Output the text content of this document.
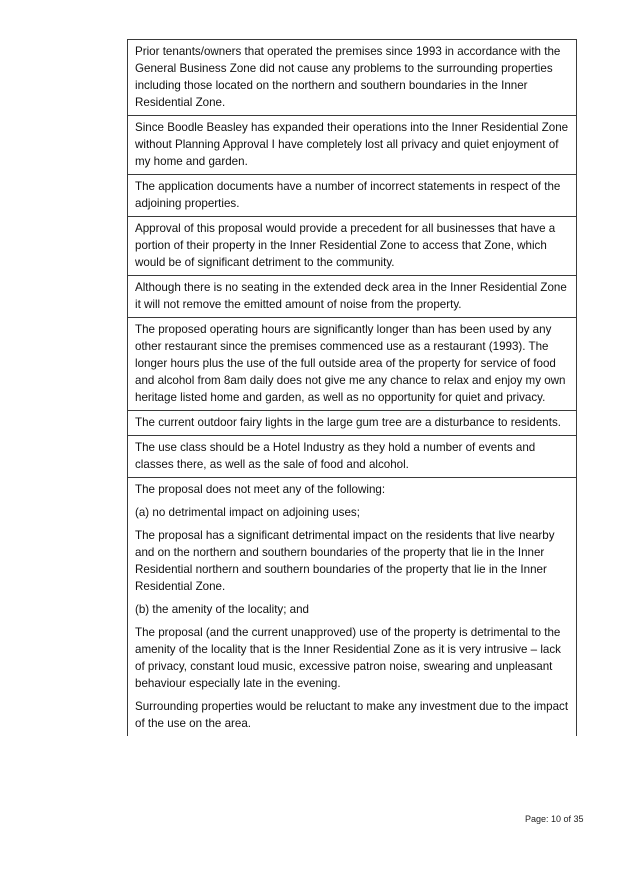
Prior tenants/owners that operated the premises since 1993 in accordance with the General Business Zone did not cause any problems to the surrounding properties including those located on the northern and southern boundaries in the Inner Residential Zone.
Since Boodle Beasley has expanded their operations into the Inner Residential Zone without Planning Approval I have completely lost all privacy and quiet enjoyment of my home and garden.
The application documents have a number of incorrect statements in respect of the adjoining properties.
Approval of this proposal would provide a precedent for all businesses that have a portion of their property in the Inner Residential Zone to access that Zone, which would be of significant detriment to the community.
Although there is no seating in the extended deck area in the Inner Residential Zone it will not remove the emitted amount of noise from the property.
The proposed operating hours are significantly longer than has been used by any other restaurant since the premises commenced use as a restaurant (1993). The longer hours plus the use of the full outside area of the property for service of food and alcohol from 8am daily does not give me any chance to relax and enjoy my own heritage listed home and garden, as well as no opportunity for quiet and privacy.
The current outdoor fairy lights in the large gum tree are a disturbance to residents.
The use class should be a Hotel Industry as they hold a number of events and classes there, as well as the sale of food and alcohol.

The proposal does not meet any of the following:

(a) no detrimental impact on adjoining uses;

The proposal has a significant detrimental impact on the residents that live nearby and on the northern and southern boundaries of the property that lie in the Inner Residential northern and southern boundaries of the property that lie in the Inner Residential Zone.

(b) the amenity of the locality; and

The proposal (and the current unapproved) use of the property is detrimental to the amenity of the locality that is the Inner Residential Zone as it is very intrusive – lack of privacy, constant loud music, excessive patron noise, swearing and unpleasant behaviour especially late in the evening.

Surrounding properties would be reluctant to make any investment due to the impact of the use on the area.

Page: 10 of 35
